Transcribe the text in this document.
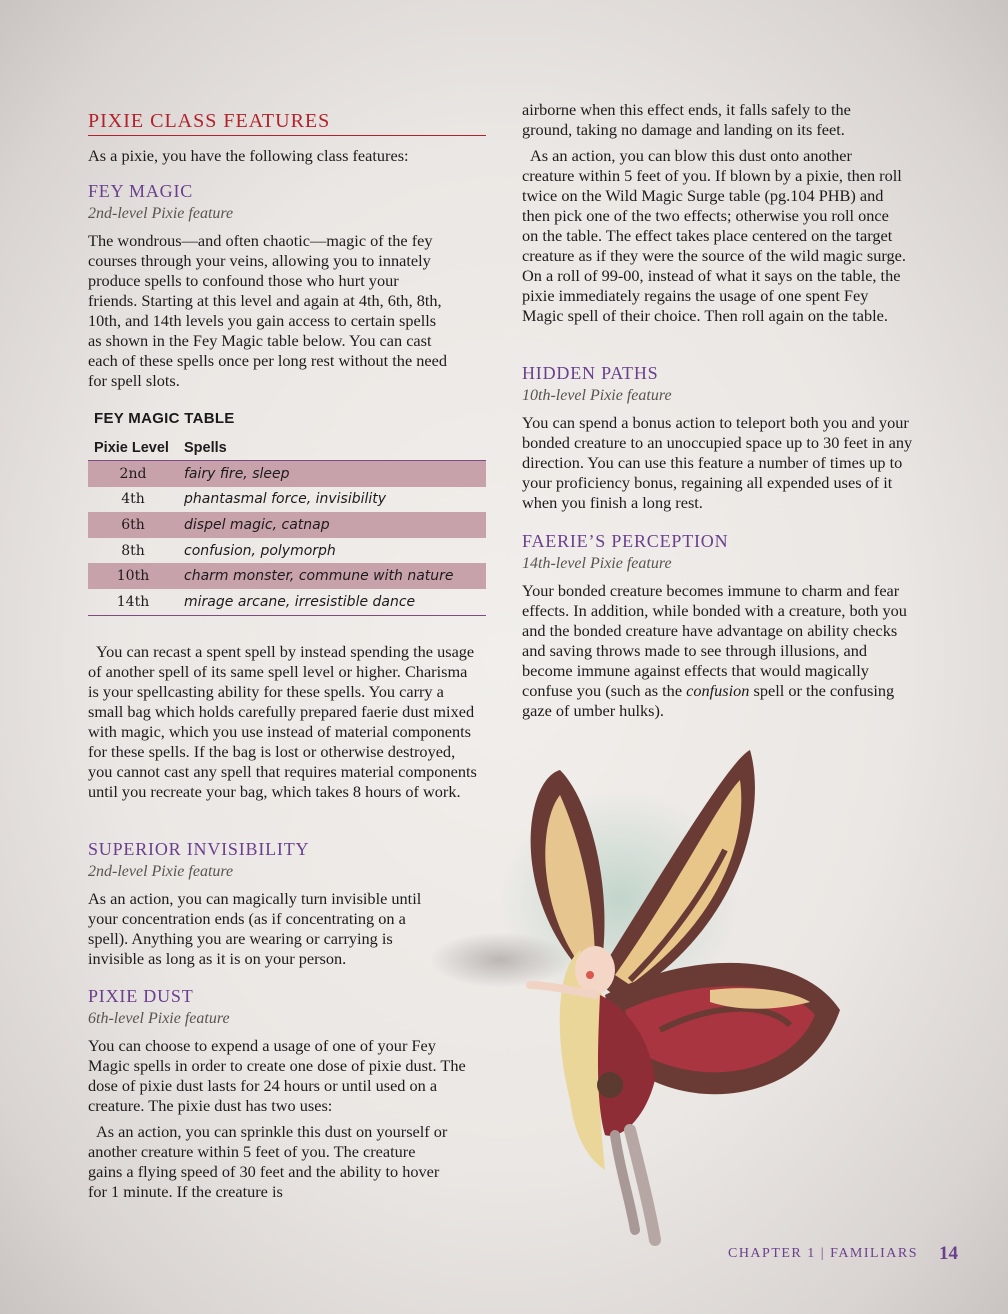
PIXIE CLASS FEATURES

As a pixie, you have the following class features:

FEY MAGIC

2nd-level Pixie feature

The wondrous—and often chaotic—magic of the fey courses through your veins, allowing you to innately produce spells to confound those who hurt your friends. Starting at this level and again at 4th, 6th, 8th, 10th, and 14th levels you gain access to certain spells as shown in the Fey Magic table below. You can cast each of these spells once per long rest without the need for spell slots.

FEY MAGIC TABLE

Pixie Level	Spells
2nd	fairy fire, sleep
4th	phantasmal force, invisibility
6th	dispel magic, catnap
8th	confusion, polymorph
10th	charm monster, commune with nature
14th	mirage arcane, irresistible dance

You can recast a spent spell by instead spending the usage of another spell of its same spell level or higher. Charisma is your spellcasting ability for these spells. You carry a small bag which holds carefully prepared faerie dust mixed with magic, which you use instead of material components for these spells. If the bag is lost or otherwise destroyed, you cannot cast any spell that requires material components until you recreate your bag, which takes 8 hours of work.

SUPERIOR INVISIBILITY

2nd-level Pixie feature

As an action, you can magically turn invisible until your concentration ends (as if concentrating on a spell). Anything you are wearing or carrying is invisible as long as it is on your person.

PIXIE DUST

6th-level Pixie feature

You can choose to expend a usage of one of your Fey Magic spells in order to create one dose of pixie dust. The dose of pixie dust lasts for 24 hours or until used on a creature. The pixie dust has two uses:

As an action, you can sprinkle this dust on yourself or another creature within 5 feet of you. The creature gains a flying speed of 30 feet and the ability to hover for 1 minute. If the creature is

airborne when this effect ends, it falls safely to the ground, taking no damage and landing on its feet.

As an action, you can blow this dust onto another creature within 5 feet of you. If blown by a pixie, then roll twice on the Wild Magic Surge table (pg.104 PHB) and then pick one of the two effects; otherwise you roll once on the table. The effect takes place centered on the target creature as if they were the source of the wild magic surge. On a roll of 99-00, instead of what it says on the table, the pixie immediately regains the usage of one spent Fey Magic spell of their choice. Then roll again on the table.

HIDDEN PATHS

10th-level Pixie feature

You can spend a bonus action to teleport both you and your bonded creature to an unoccupied space up to 30 feet in any direction. You can use this feature a number of times up to your proficiency bonus, regaining all expended uses of it when you finish a long rest.

FAERIE’S PERCEPTION

14th-level Pixie feature

Your bonded creature becomes immune to charm and fear effects. In addition, while bonded with a creature, both you and the bonded creature have advantage on ability checks and saving throws made to see through illusions, and become immune against effects that would magically confuse you (such as the confusion spell or the confusing gaze of umber hulks).

CHAPTER 1 | FAMILIARS 14
